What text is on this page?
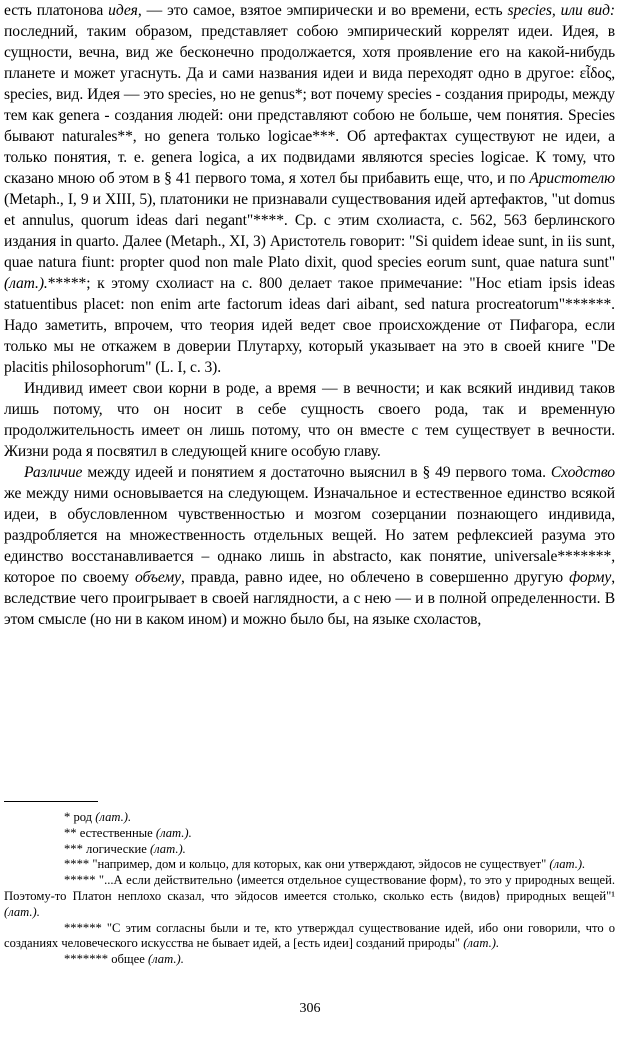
есть платонова идея, — это самое, взятое эмпирически и во времени, есть species, или вид: последний, таким образом, представляет собою эмпирический коррелят идеи. Идея, в сущности, вечна, вид же бесконечно продолжается, хотя проявление его на какой-нибудь планете и может угаснуть. Да и сами названия идеи и вида переходят одно в другое: εἶδος, species, вид. Идея — это species, но не genus*; вот почему species - создания природы, между тем как genera - создания людей: они представляют собою не больше, чем понятия. Species бывают naturales**, но genera только logicae***. Об артефактах существуют не идеи, а только понятия, т. е. genera logica, а их подвидами являются species logicae. К тому, что сказано мною об этом в § 41 первого тома, я хотел бы прибавить еще, что, и по Аристотелю (Metaph., I, 9 и XIII, 5), платоники не признавали существования идей артефактов, "ut domus et annulus, quorum ideas dari negant"****. Ср. с этим схолиаста, с. 562, 563 берлинского издания in quarto. Далее (Metaph., XI, 3) Аристотель говорит: "Si quidem ideae sunt, in iis sunt, quae natura fiunt: propter quod non male Plato dixit, quod species eorum sunt, quae natura sunt" (лат.).*****; к этому схолиаст на с. 800 делает такое примечание: "Hoc etiam ipsis ideas statuentibus placet: non enim arte factorum ideas dari aibant, sed natura procreatorum"******. Надо заметить, впрочем, что теория идей ведет свое происхождение от Пифагора, если только мы не откажем в доверии Плутарху, который указывает на это в своей книге "De placitis philosophorum" (L. I, c. 3).

Индивид имеет свои корни в роде, а время — в вечности; и как всякий индивид таков лишь потому, что он носит в себе сущность своего рода, так и временную продолжительность имеет он лишь потому, что он вместе с тем существует в вечности. Жизни рода я посвятил в следующей книге особую главу.

Различие между идеей и понятием я достаточно выяснил в § 49 первого тома. Сходство же между ними основывается на следующем. Изначальное и естественное единство всякой идеи, в обусловленном чувственностью и мозгом созерцании познающего индивида, раздробляется на множественность отдельных вещей. Но затем рефлексией разума это единство восстанавливается – однако лишь in abstracto, как понятие, universale*******, которое по своему объему, правда, равно идее, но облечено в совершенно другую форму, вследствие чего проигрывает в своей наглядности, а с нею — и в полной определенности. В этом смысле (но ни в каком ином) и можно было бы, на языке схоластов,

* род (лат.).

** естественные (лат.).

*** логические (лат.).

**** "например, дом и кольцо, для которых, как они утверждают, эйдосов не существует" (лат.).

***** "...А если действительно ⟨имеется отдельное существование форм⟩, то это у природных вещей. Поэтому-то Платон неплохо сказал, что эйдосов имеется столько, сколько есть ⟨видов⟩ природных вещей"¹ (лат.).

****** "С этим согласны были и те, кто утверждал существование идей, ибо они говорили, что о созданиях человеческого искусства не бывает идей, а [есть идеи] созданий природы" (лат.).

******* общее (лат.).

306
